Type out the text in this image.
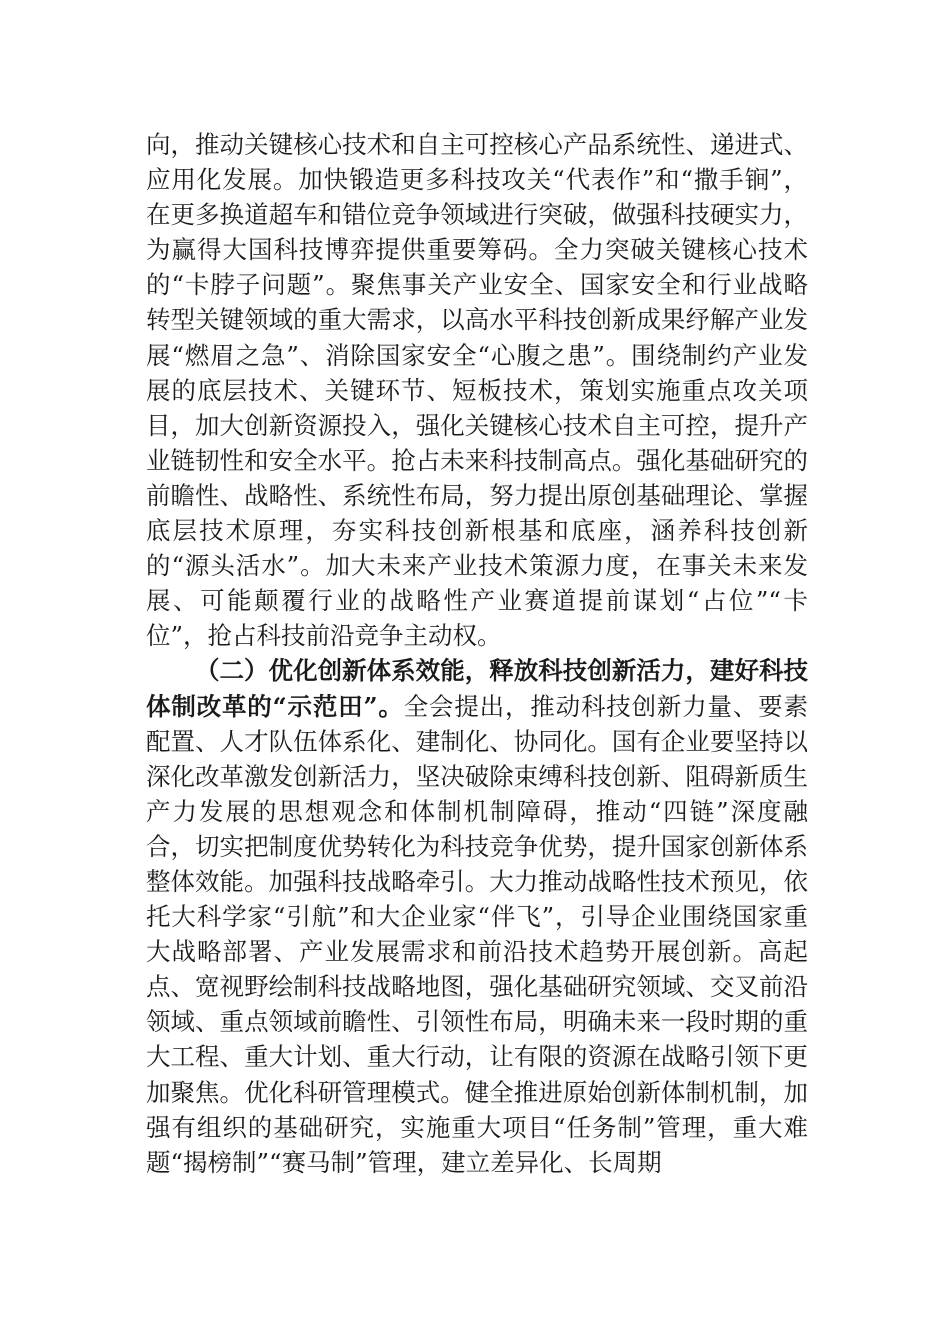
向，推动关键核心技术和自主可控核心产品系统性、递进式、应用化发展。加快锻造更多科技攻关“代表作”和“撒手锏”，在更多换道超车和错位竞争领域进行突破，做强科技硬实力，为赢得大国科技博弈提供重要筹码。全力突破关键核心技术的“卡脖子问题”。聚焦事关产业安全、国家安全和行业战略转型关键领域的重大需求，以高水平科技创新成果纾解产业发展“燃眉之急”、消除国家安全“心腹之患”。围绕制约产业发展的底层技术、关键环节、短板技术，策划实施重点攻关项目，加大创新资源投入，强化关键核心技术自主可控，提升产业链韧性和安全水平。抢占未来科技制高点。强化基础研究的前瞻性、战略性、系统性布局，努力提出原创基础理论、掌握底层技术原理，夯实科技创新根基和底座，涵养科技创新的“源头活水”。加大未来产业技术策源力度，在事关未来发展、可能颠覆行业的战略性产业赛道提前谋划“占位”“卡位”，抢占科技前沿竞争主动权。

（二）优化创新体系效能，释放科技创新活力，建好科技体制改革的“示范田”。全会提出，推动科技创新力量、要素配置、人才队伍体系化、建制化、协同化。国有企业要坚持以深化改革激发创新活力，坚决破除束缚科技创新、阻碍新质生产力发展的思想观念和体制机制障碍，推动“四链”深度融合，切实把制度优势转化为科技竞争优势，提升国家创新体系整体效能。加强科技战略牵引。大力推动战略性技术预见，依托大科学家“引航”和大企业家“伴飞”，引导企业围绕国家重大战略部署、产业发展需求和前沿技术趋势开展创新。高起点、宽视野绘制科技战略地图，强化基础研究领域、交叉前沿领域、重点领域前瞻性、引领性布局，明确未来一段时期的重大工程、重大计划、重大行动，让有限的资源在战略引领下更加聚焦。优化科研管理模式。健全推进原始创新体制机制，加强有组织的基础研究，实施重大项目“任务制”管理，重大难题“揭榜制”“赛马制”管理，建立差异化、长周期
